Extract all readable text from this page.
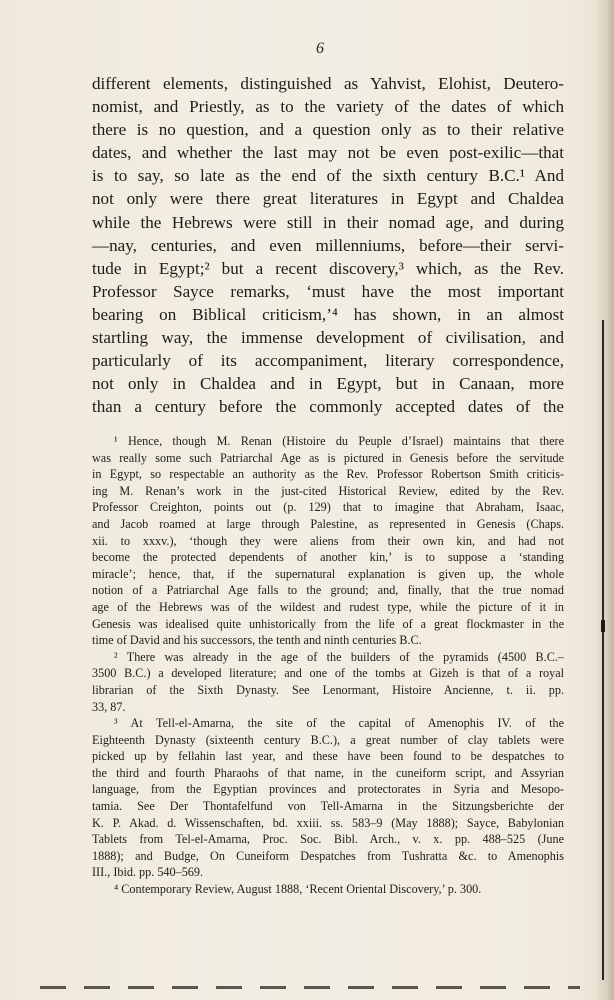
6
different elements, distinguished as Yahvist, Elohist, Deutero-
nomist, and Priestly, as to the variety of the dates of which
there is no question, and a question only as to their relative
dates, and whether the last may not be even post-exilic—that
is to say, so late as the end of the sixth century B.C.¹ And
not only were there great literatures in Egypt and Chaldea
while the Hebrews were still in their nomad age, and during
—nay, centuries, and even millenniums, before—their servi-
tude in Egypt;² but a recent discovery,³ which, as the Rev.
Professor Sayce remarks, ‘must have the most important
bearing on Biblical criticism,’⁴ has shown, in an almost
startling way, the immense development of civilisation, and
particularly of its accompaniment, literary correspondence,
not only in Chaldea and in Egypt, but in Canaan, more
than a century before the commonly accepted dates of the
¹ Hence, though M. Renan (Histoire du Peuple d’Israel) maintains that there
was really some such Patriarchal Age as is pictured in Genesis before the servitude
in Egypt, so respectable an authority as the Rev. Professor Robertson Smith criticis-
ing M. Renan’s work in the just-cited Historical Review, edited by the Rev.
Professor Creighton, points out (p. 129) that to imagine that Abraham, Isaac,
and Jacob roamed at large through Palestine, as represented in Genesis (Chaps.
xii. to xxxv.), ‘though they were aliens from their own kin, and had not
become the protected dependents of another kin,’ is to suppose a ‘standing
miracle’; hence, that, if the supernatural explanation is given up, the whole
notion of a Patriarchal Age falls to the ground; and, finally, that the true nomad
age of the Hebrews was of the wildest and rudest type, while the picture of it in
Genesis was idealised quite unhistorically from the life of a great flockmaster in the
time of David and his successors, the tenth and ninth centuries B.C.
² There was already in the age of the builders of the pyramids (4500 B.C.–
3500 B.C.) a developed literature; and one of the tombs at Gizeh is that of a royal
librarian of the Sixth Dynasty. See Lenormant, Histoire Ancienne, t. ii. pp.
33, 87.
³ At Tell-el-Amarna, the site of the capital of Amenophis IV. of the
Eighteenth Dynasty (sixteenth century B.C.), a great number of clay tablets were
picked up by fellahin last year, and these have been found to be despatches to
the third and fourth Pharaohs of that name, in the cuneiform script, and Assyrian
language, from the Egyptian provinces and protectorates in Syria and Mesopo-
tamia. See Der Thontafelfund von Tell-Amarna in the Sitzungsberichte der
K. P. Akad. d. Wissenschaften, bd. xxiii. ss. 583–9 (May 1888); Sayce, Babylonian
Tablets from Tel-el-Amarna, Proc. Soc. Bibl. Arch., v. x. pp. 488–525 (June
1888); and Budge, On Cuneiform Despatches from Tushratta &c. to Amenophis
III., Ibid. pp. 540–569.
⁴ Contemporary Review, August 1888, ‘Recent Oriental Discovery,’ p. 300.
